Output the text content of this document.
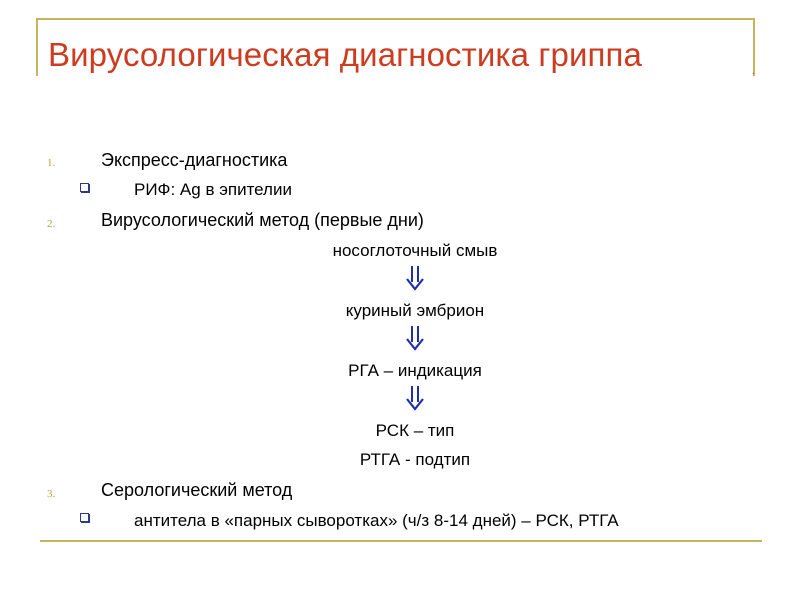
Вирусологическая диагностика гриппа	.
1.	Экспресс-диагностика
РИФ: Ag в эпителии
2.	Вирусологический метод (первые дни)
носоглоточный смыв
куриный эмбрион
РГА – индикация
РСК – тип
РТГА - подтип
3.	Серологический метод
антитела в «парных сыворотках» (ч/з 8-14 дней) – РСК, РТГА
